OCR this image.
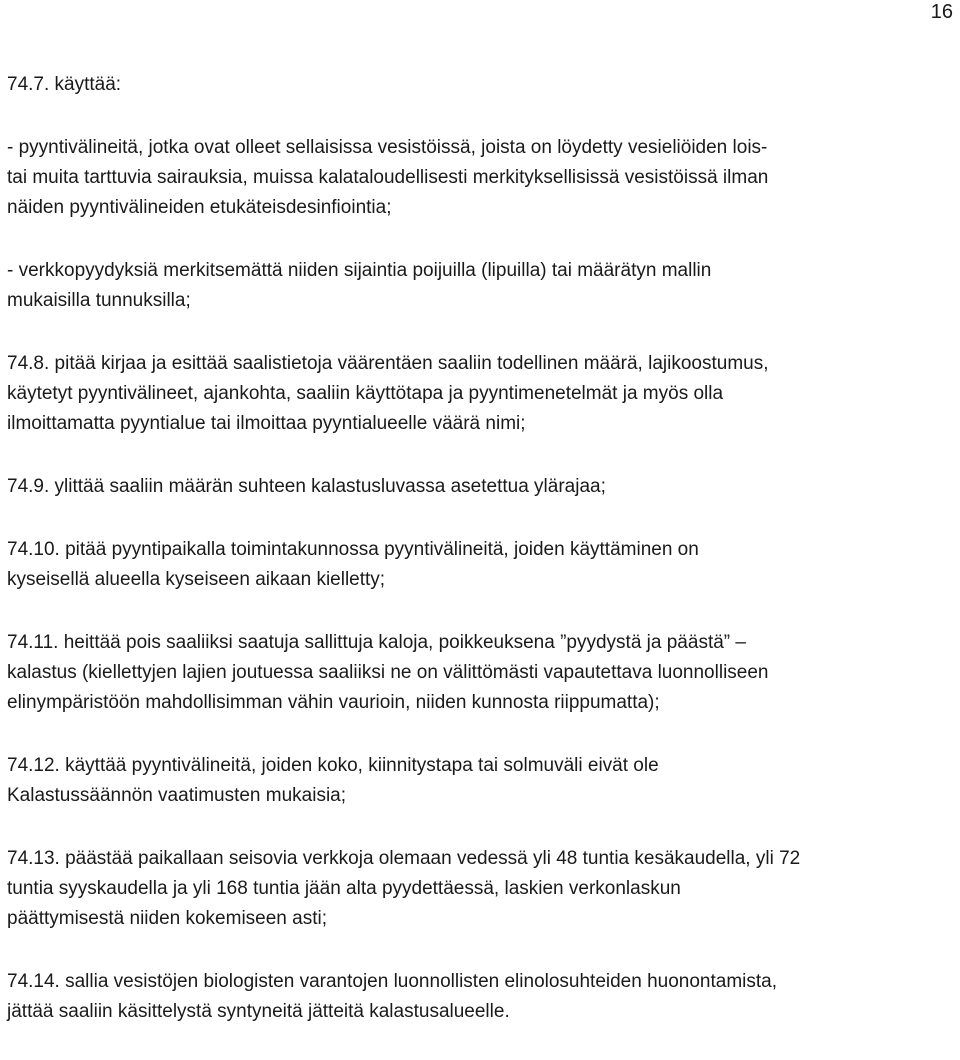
16
74.7. käyttää:
- pyyntivälineitä, jotka ovat olleet sellaisissa vesistöissä, joista on löydetty vesieliöiden lois-
tai muita tarttuvia sairauksia, muissa kalataloudellisesti merkityksellisissä vesistöissä ilman
näiden pyyntivälineiden etukäteisdesinfiointia;
- verkkopyydyksiä merkitsemättä niiden sijaintia poijuilla (lipuilla) tai määrätyn mallin
mukaisilla tunnuksilla;
74.8. pitää kirjaa ja esittää saalistietoja väärentäen saaliin todellinen määrä, lajikoostumus,
käytetyt pyyntivälineet, ajankohta, saaliin käyttötapa ja pyyntimenetelmät ja myös olla
ilmoittamatta pyyntialue tai ilmoittaa pyyntialueelle väärä nimi;
74.9. ylittää saaliin määrän suhteen kalastusluvassa asetettua ylärajaa;
74.10. pitää pyyntipaikalla toimintakunnossa pyyntivälineitä, joiden käyttäminen on
kyseisellä alueella kyseiseen aikaan kielletty;
74.11. heittää pois saaliiksi saatuja sallittuja kaloja, poikkeuksena ”pyydystä ja päästä” –
kalastus (kiellettyjen lajien joutuessa saaliiksi ne on välittömästi vapautettava luonnolliseen
elinympäristöön mahdollisimman vähin vaurioin, niiden kunnosta riippumatta);
74.12. käyttää pyyntivälineitä, joiden koko, kiinnitystapa tai solmuväli eivät ole
Kalastussäännön vaatimusten mukaisia;
74.13. päästää paikallaan seisovia verkkoja olemaan vedessä yli 48 tuntia kesäkaudella, yli 72
tuntia syyskaudella ja yli 168 tuntia jään alta pyydettäessä, laskien verkonlaskun
päättymisestä niiden kokemiseen asti;
74.14. sallia vesistöjen biologisten varantojen luonnollisten elinolosuhteiden huonontamista,
jättää saaliin käsittelystä syntyneitä jätteitä kalastusalueelle.
